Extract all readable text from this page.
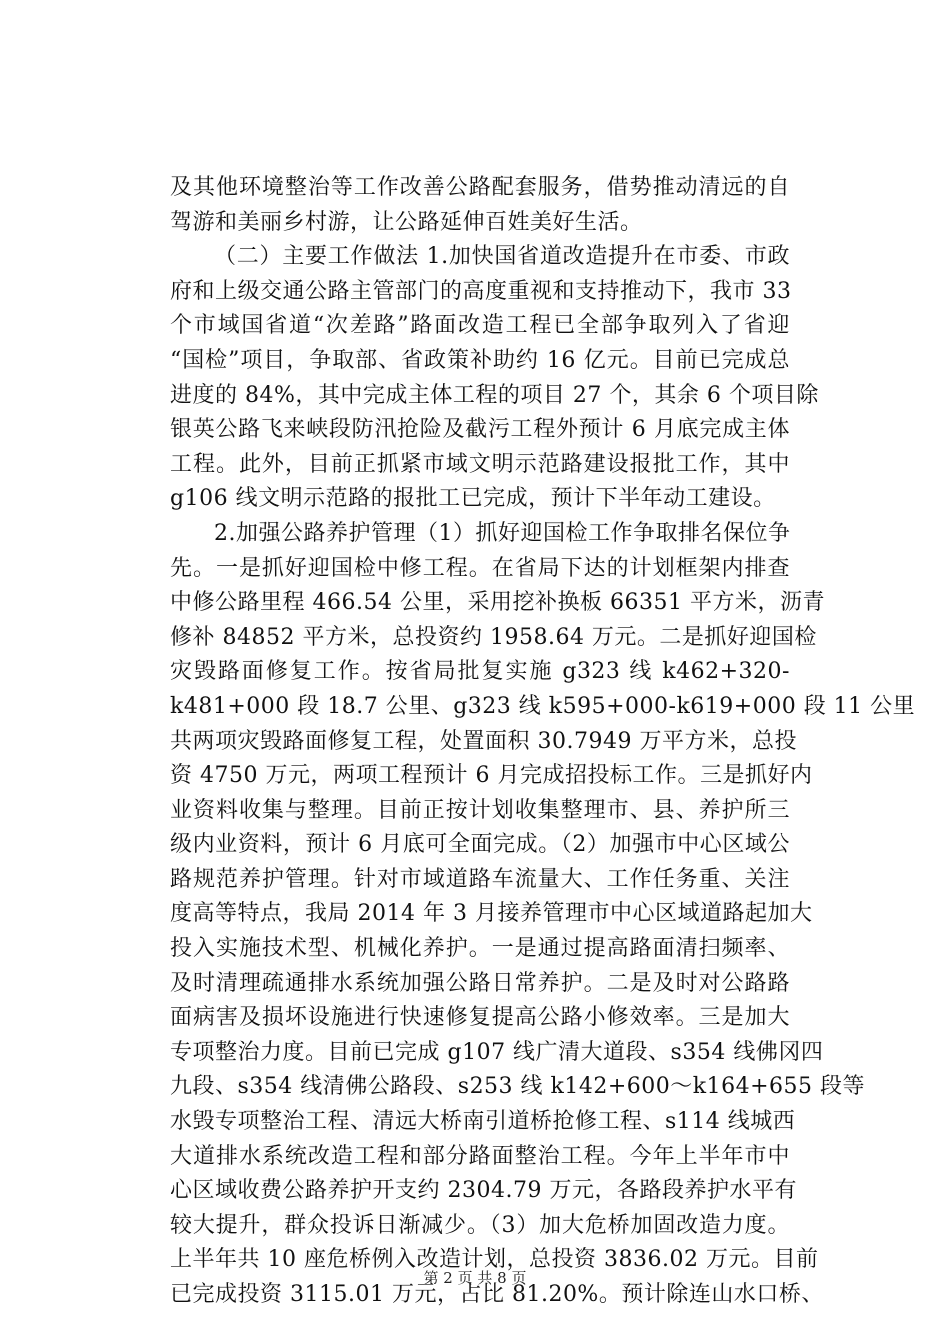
及其他环境整治等工作改善公路配套服务，借势推动清远的自
驾游和美丽乡村游，让公路延伸百姓美好生活。
（二）主要工作做法 1.加快国省道改造提升在市委、市政
府和上级交通公路主管部门的高度重视和支持推动下，我市 33
个市域国省道“次差路”路面改造工程已全部争取列入了省迎
“国检”项目，争取部、省政策补助约 16 亿元。目前已完成总
进度的 84%，其中完成主体工程的项目 27 个，其余 6 个项目除
银英公路飞来峡段防汛抢险及截污工程外预计 6 月底完成主体
工程。此外，目前正抓紧市域文明示范路建设报批工作，其中
g106 线文明示范路的报批工已完成，预计下半年动工建设。
2.加强公路养护管理（1）抓好迎国检工作争取排名保位争
先。一是抓好迎国检中修工程。在省局下达的计划框架内排查
中修公路里程 466.54 公里，采用挖补换板 66351 平方米，沥青
修补 84852 平方米，总投资约 1958.64 万元。二是抓好迎国检
灾毁路面修复工作。按省局批复实施 g323 线 k462+320-
k481+000 段 18.7 公里、g323 线 k595+000-k619+000 段 11 公里
共两项灾毁路面修复工程，处置面积 30.7949 万平方米，总投
资 4750 万元，两项工程预计 6 月完成招投标工作。三是抓好内
业资料收集与整理。目前正按计划收集整理市、县、养护所三
级内业资料，预计 6 月底可全面完成。（2）加强市中心区域公
路规范养护管理。针对市域道路车流量大、工作任务重、关注
度高等特点，我局 2014 年 3 月接养管理市中心区域道路起加大
投入实施技术型、机械化养护。一是通过提高路面清扫频率、
及时清理疏通排水系统加强公路日常养护。二是及时对公路路
面病害及损坏设施进行快速修复提高公路小修效率。三是加大
专项整治力度。目前已完成 g107 线广清大道段、s354 线佛冈四
九段、s354 线清佛公路段、s253 线 k142+600～k164+655 段等
水毁专项整治工程、清远大桥南引道桥抢修工程、s114 线城西
大道排水系统改造工程和部分路面整治工程。今年上半年市中
心区域收费公路养护开支约 2304.79 万元，各路段养护水平有
较大提升，群众投诉日渐减少。（3）加大危桥加固改造力度。
上半年共 10 座危桥例入改造计划，总投资 3836.02 万元。目前
已完成投资 3115.01 万元，占比 81.20%。预计除连山水口桥、
第 2 页 共 8 页
